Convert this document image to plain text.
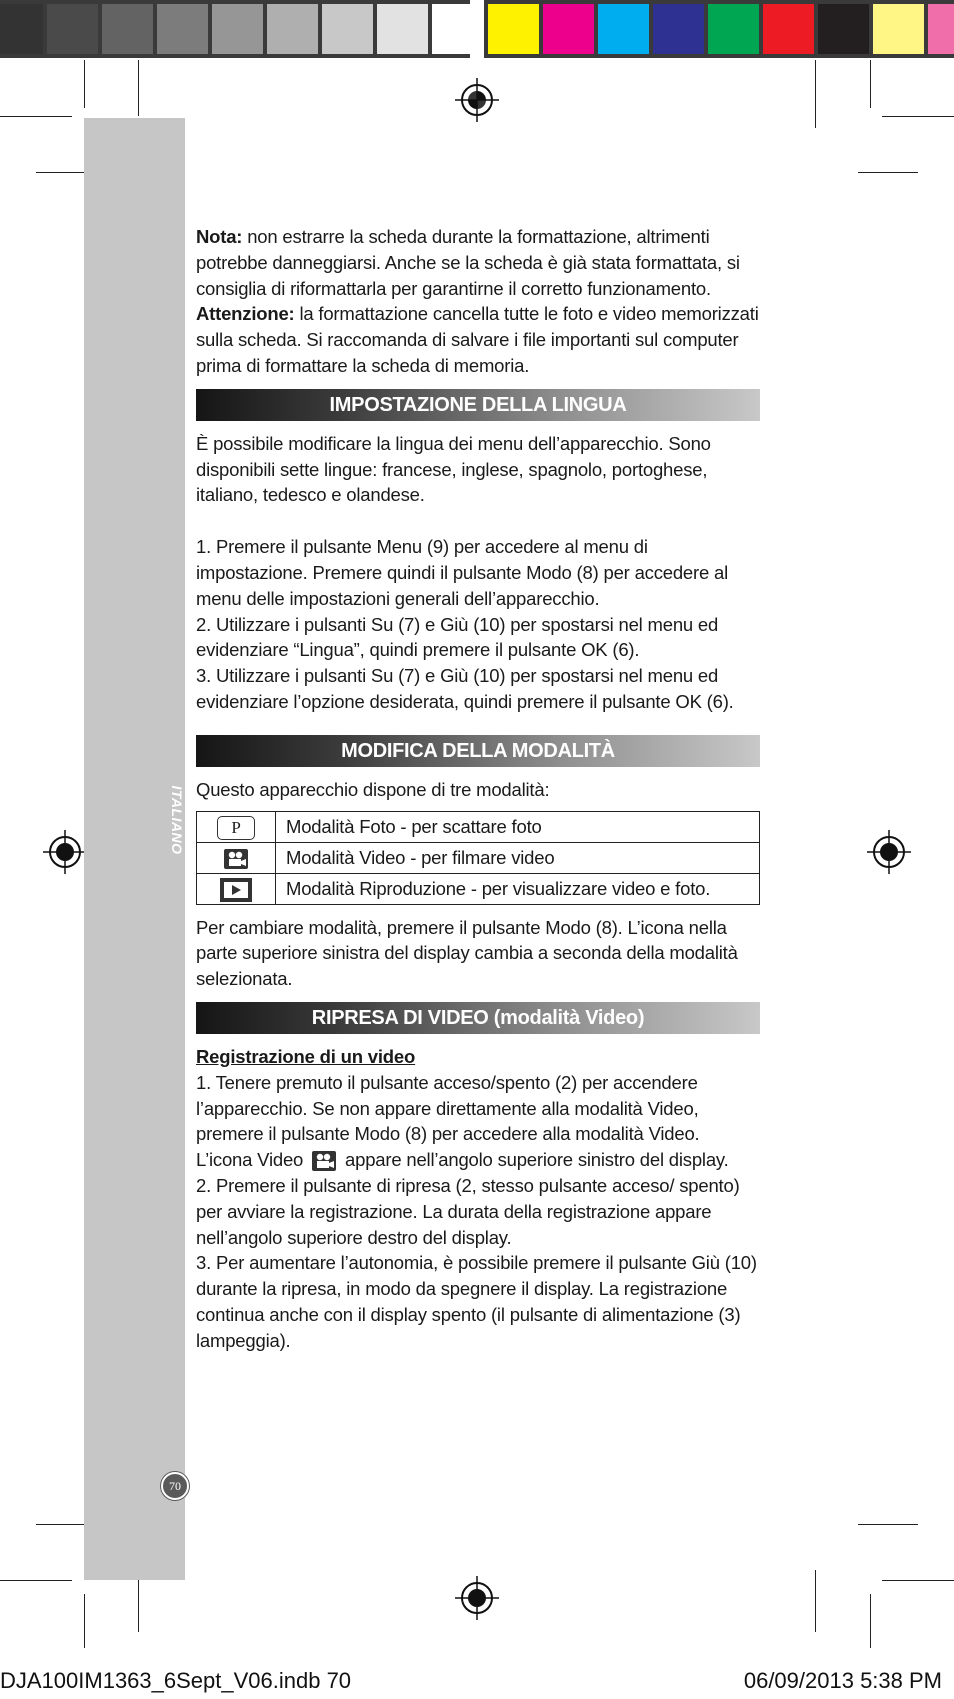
ITALIANO
70

Nota: non estrarre la scheda durante la formattazione, altrimenti potrebbe danneggiarsi. Anche se la scheda è già stata formattata, si consiglia di riformattarla per garantirne il corretto funzionamento.

Attenzione: la formattazione cancella tutte le foto e video memorizzati sulla scheda. Si raccomanda di salvare i file importanti sul computer prima di formattare la scheda di memoria.

IMPOSTAZIONE DELLA LINGUA

È possibile modificare la lingua dei menu dell’apparecchio. Sono disponibili sette lingue: francese, inglese, spagnolo, portoghese, italiano, tedesco e olandese.

1. Premere il pulsante Menu (9) per accedere al menu di impostazione. Premere quindi il pulsante Modo (8) per accedere al menu delle impostazioni generali dell’apparecchio.

2. Utilizzare i pulsanti Su (7) e Giù (10) per spostarsi nel menu ed evidenziare “Lingua”, quindi premere il pulsante OK (6).

3. Utilizzare i pulsanti Su (7) e Giù (10) per spostarsi nel menu ed evidenziare l’opzione desiderata, quindi premere il pulsante OK (6).

MODIFICA DELLA MODALITÀ

Questo apparecchio dispone di tre modalità:

P	Modalità Foto - per scattare foto
	Modalità Video - per filmare video
	Modalità Riproduzione - per visualizzare video e foto.

Per cambiare modalità, premere il pulsante Modo (8). L’icona nella parte superiore sinistra del display cambia a seconda della modalità selezionata.

RIPRESA DI VIDEO (modalità Video)

Registrazione di un video

1. Tenere premuto il pulsante acceso/spento (2) per accendere l’apparecchio. Se non appare direttamente alla modalità Video, premere il pulsante Modo (8) per accedere alla modalità Video. L’icona Video  appare nell’angolo superiore sinistro del display.

2. Premere il pulsante di ripresa (2, stesso pulsante acceso/ spento) per avviare la registrazione. La durata della registrazione appare nell’angolo superiore destro del display.

3. Per aumentare l’autonomia, è possibile premere il pulsante Giù (10) durante la ripresa, in modo da spegnere il display. La registrazione continua anche con il display spento (il pulsante di alimentazione (3) lampeggia).

DJA100IM1363_6Sept_V06.indb 70	06/09/2013 5:38 PM
